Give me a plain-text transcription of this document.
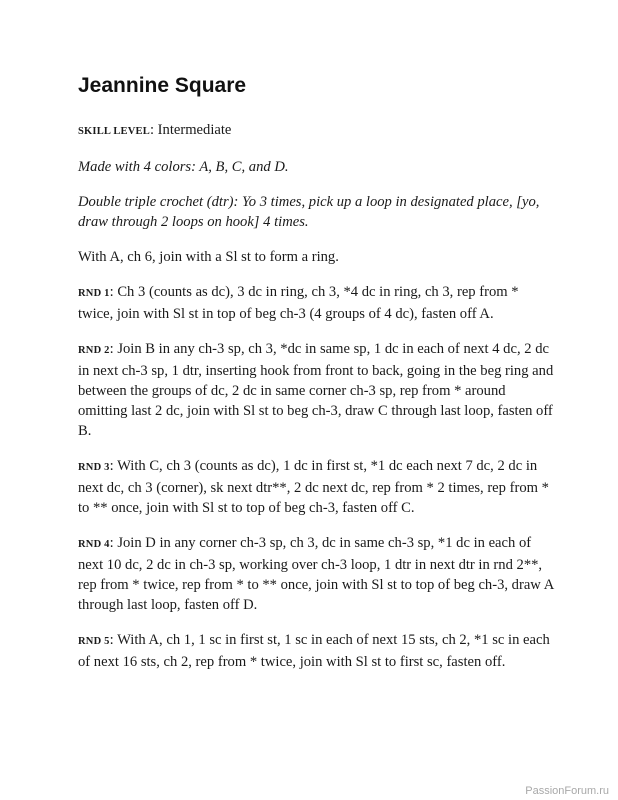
Jeannine Square

SKILL LEVEL: Intermediate

Made with 4 colors: A, B, C, and D.

Double triple crochet (dtr): Yo 3 times, pick up a loop in designated place, [yo, draw through 2 loops on hook] 4 times.

With A, ch 6, join with a Sl st to form a ring.

RND 1: Ch 3 (counts as dc), 3 dc in ring, ch 3, *4 dc in ring, ch 3, rep from * twice, join with Sl st in top of beg ch-3 (4 groups of 4 dc), fasten off A.

RND 2: Join B in any ch-3 sp, ch 3, *dc in same sp, 1 dc in each of next 4 dc, 2 dc in next ch-3 sp, 1 dtr, inserting hook from front to back, going in the beg ring and between the groups of dc, 2 dc in same corner ch-3 sp, rep from * around omitting last 2 dc, join with Sl st to beg ch-3, draw C through last loop, fasten off B.

RND 3: With C, ch 3 (counts as dc), 1 dc in first st, *1 dc each next 7 dc, 2 dc in next dc, ch 3 (corner), sk next dtr**, 2 dc next dc, rep from * 2 times, rep from * to ** once, join with Sl st to top of beg ch-3, fasten off C.

RND 4: Join D in any corner ch-3 sp, ch 3, dc in same ch-3 sp, *1 dc in each of next 10 dc, 2 dc in ch-3 sp, working over ch-3 loop, 1 dtr in next dtr in rnd 2**, rep from * twice, rep from * to ** once, join with Sl st to top of beg ch-3, draw A through last loop, fasten off D.

RND 5: With A, ch 1, 1 sc in first st, 1 sc in each of next 15 sts, ch 2, *1 sc in each of next 16 sts, ch 2, rep from * twice, join with Sl st to first sc, fasten off.

PassionForum.ru
